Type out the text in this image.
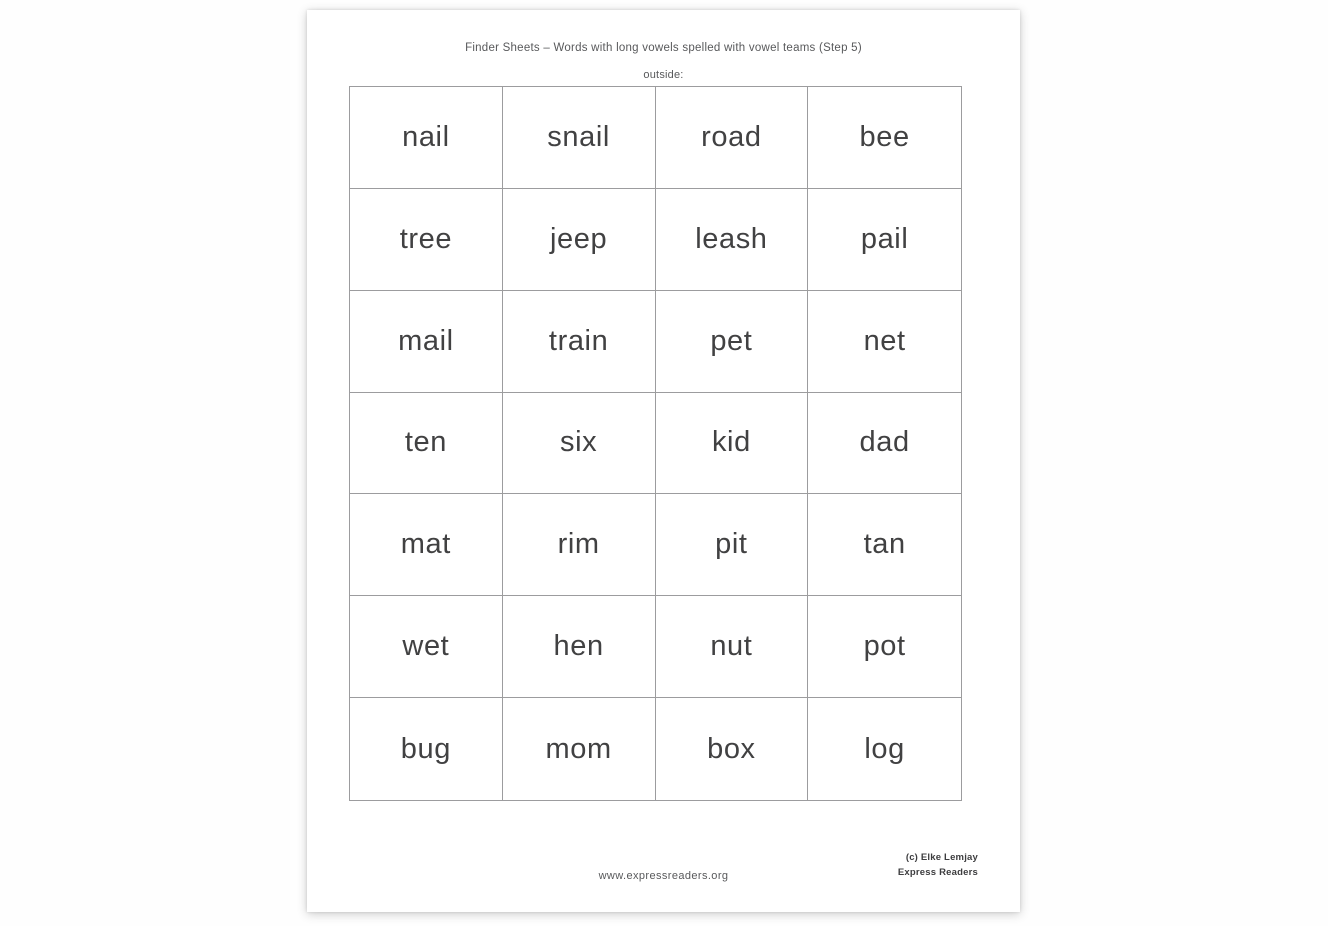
Finder Sheets – Words with long vowels spelled with vowel teams (Step 5)
outside:
nail	snail	road	bee
tree	jeep	leash	pail
mail	train	pet	net
ten	six	kid	dad
mat	rim	pit	tan
wet	hen	nut	pot
bug	mom	box	log
www.expressreaders.org
(c) Elke Lemjay
Express Readers
